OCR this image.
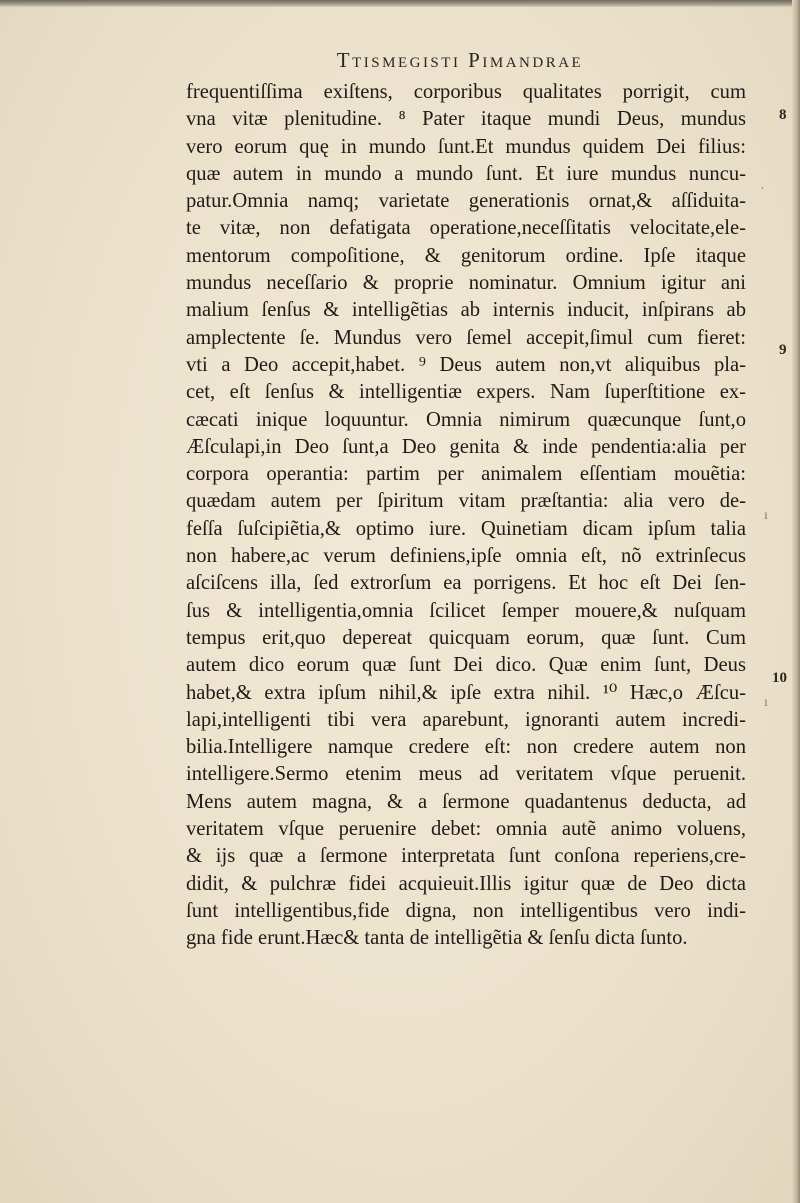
Ttismegisti Pimandrae
frequentiſſima exiſtens, corporibus qualitates porrigit, cum
vna vitæ plenitudine. ⁸ Pater itaque mundi Deus, mundus
vero eorum quę in mundo ſunt.Et mundus quidem Dei filius:
quæ autem in mundo a mundo ſunt. Et iure mundus nuncu-
patur.Omnia namq; varietate generationis ornat,& aſſiduita-
te vitæ, non defatigata operatione,neceſſitatis velocitate,ele-
mentorum compoſitione, & genitorum ordine. Ipſe itaque
mundus neceſſario & proprie nominatur. Omnium igitur ani
malium ſenſus & intelligẽtias ab internis inducit, inſpirans ab
amplectente ſe. Mundus vero ſemel accepit,ſimul cum fieret:
vti a Deo accepit,habet. ⁹ Deus autem non,vt aliquibus pla-
cet, eſt ſenſus & intelligentiæ expers. Nam ſuperſtitione ex-
cæcati inique loquuntur. Omnia nimirum quæcunque ſunt,o
Æſculapi,in Deo ſunt,a Deo genita & inde pendentia:alia per
corpora operantia: partim per animalem eſſentiam mouẽtia:
quædam autem per ſpiritum vitam præſtantia: alia vero de-
feſſa ſuſcipiẽtia,& optimo iure. Quinetiam dicam ipſum talia
non habere,ac verum definiens,ipſe omnia eſt, nõ extrinſecus
aſciſcens illa, ſed extrorſum ea porrigens. Et hoc eſt Dei ſen-
ſus & intelligentia,omnia ſcilicet ſemper mouere,& nuſquam
tempus erit,quo depereat quicquam eorum, quæ ſunt. Cum
autem dico eorum quæ ſunt Dei dico. Quæ enim ſunt, Deus
habet,& extra ipſum nihil,& ipſe extra nihil. ¹⁰ Hæc,o Æſcu-
lapi,intelligenti tibi vera aparebunt, ignoranti autem incredi-
bilia.Intelligere namque credere eſt: non credere autem non
intelligere.Sermo etenim meus ad veritatem vſque peruenit.
Mens autem magna, & a ſermone quadantenus deducta, ad
veritatem vſque peruenire debet: omnia autẽ animo voluens,
& ijs quæ a ſermone interpretata ſunt conſona reperiens,cre-
didit, & pulchræ fidei acquieuit.Illis igitur quæ de Deo dicta
ſunt intelligentibus,fide digna, non intelligentibus vero indi-
gna fide erunt.Hæc& tanta de intelligẽtia & ſenſu dicta ſunto.
8
9
10
·
ı
ı
